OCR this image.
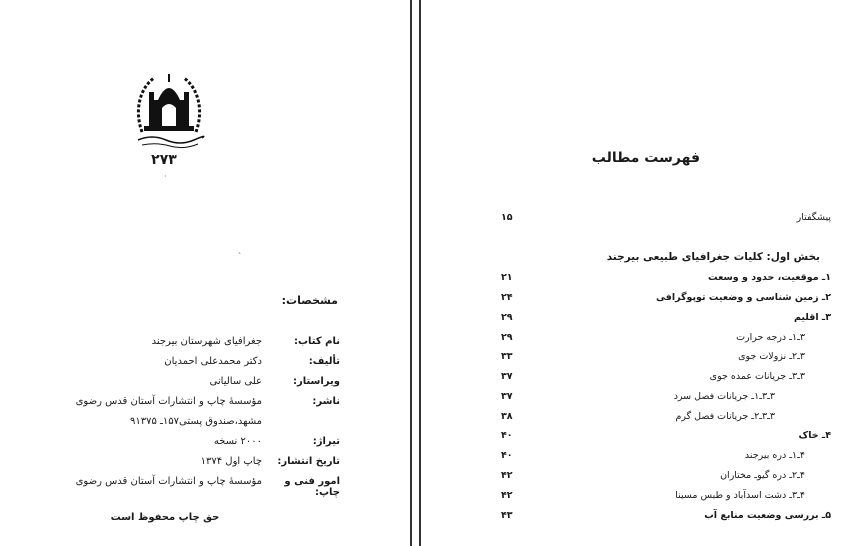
۲۷۳
·
ˋ
مشخصات:
نام کتاب:
جغرافیای شهرستان بیرجند
تألیف:
دکتر محمدعلی احمدیان
ویراستار:
علی سالیانی
ناشر:
مؤسسهٔ چاپ و انتشارات آستان قدس رضوی
مشهد،صندوق پستی۱۵۷ـ ۹۱۳۷۵
تیراژ:
۲۰۰۰ نسخه
تاریخ انتشار:
چاپ اول ۱۳۷۴
امور فنی و چاپ:
مؤسسهٔ چاپ و انتشارات آستان قدس رضوی
حق چاپ محفوظ است
فهرست مطالب
پیشگفتار
۱۵
بخش اول: کلیات جغرافیای طبیعی بیرجند
۱ـ موقعیت، حدود و وسعت
۲۱
۲ـ زمین شناسی و وضعیت توپوگرافی
۲۴
۳ـ اقلیم
۲۹
۳ـ۱ـ درجه حرارت
۲۹
۳ـ۲ـ نزولات جوی
۳۳
۳ـ۳ـ جریانات عمده جوی
۳۷
۳ـ۳ـ۱ـ جریانات فصل سرد
۳۷
۳ـ۳ـ۲ـ جریانات فصل گرم
۳۸
۴ـ خاک
۴۰
۴ـ۱ـ دره بیرجند
۴۰
۴ـ۲ـ دره گیوـ مختاران
۴۲
۴ـ۳ـ دشت اسدآباد و طبس مسینا
۴۲
۵ـ بررسی وضعیت منابع آب
۴۳
